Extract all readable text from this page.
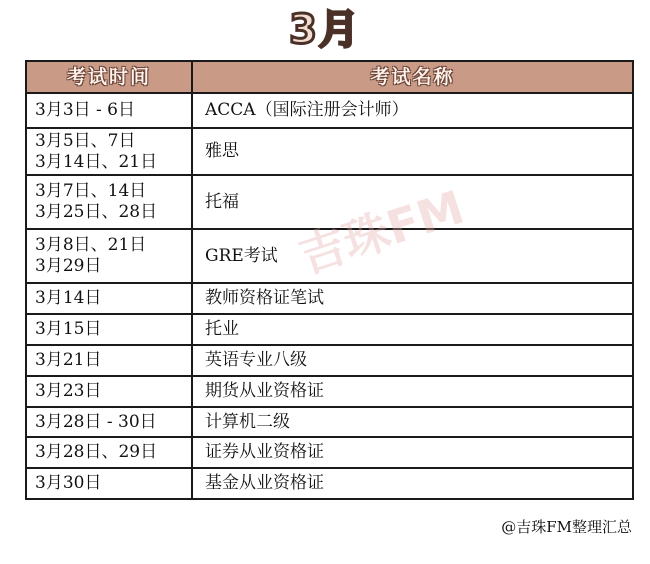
3月
考试时间	考试名称
3月3日 - 6日	ACCA（国际注册会计师）
3月5日、7日
3月14日、21日	雅思
3月7日、14日
3月25日、28日	托福
3月8日、21日
3月29日	GRE考试
3月14日	教师资格证笔试
3月15日	托业
3月21日	英语专业八级
3月23日	期货从业资格证
3月28日 - 30日	计算机二级
3月28日、29日	证券从业资格证
3月30日	基金从业资格证
吉珠FM
@吉珠FM整理汇总
